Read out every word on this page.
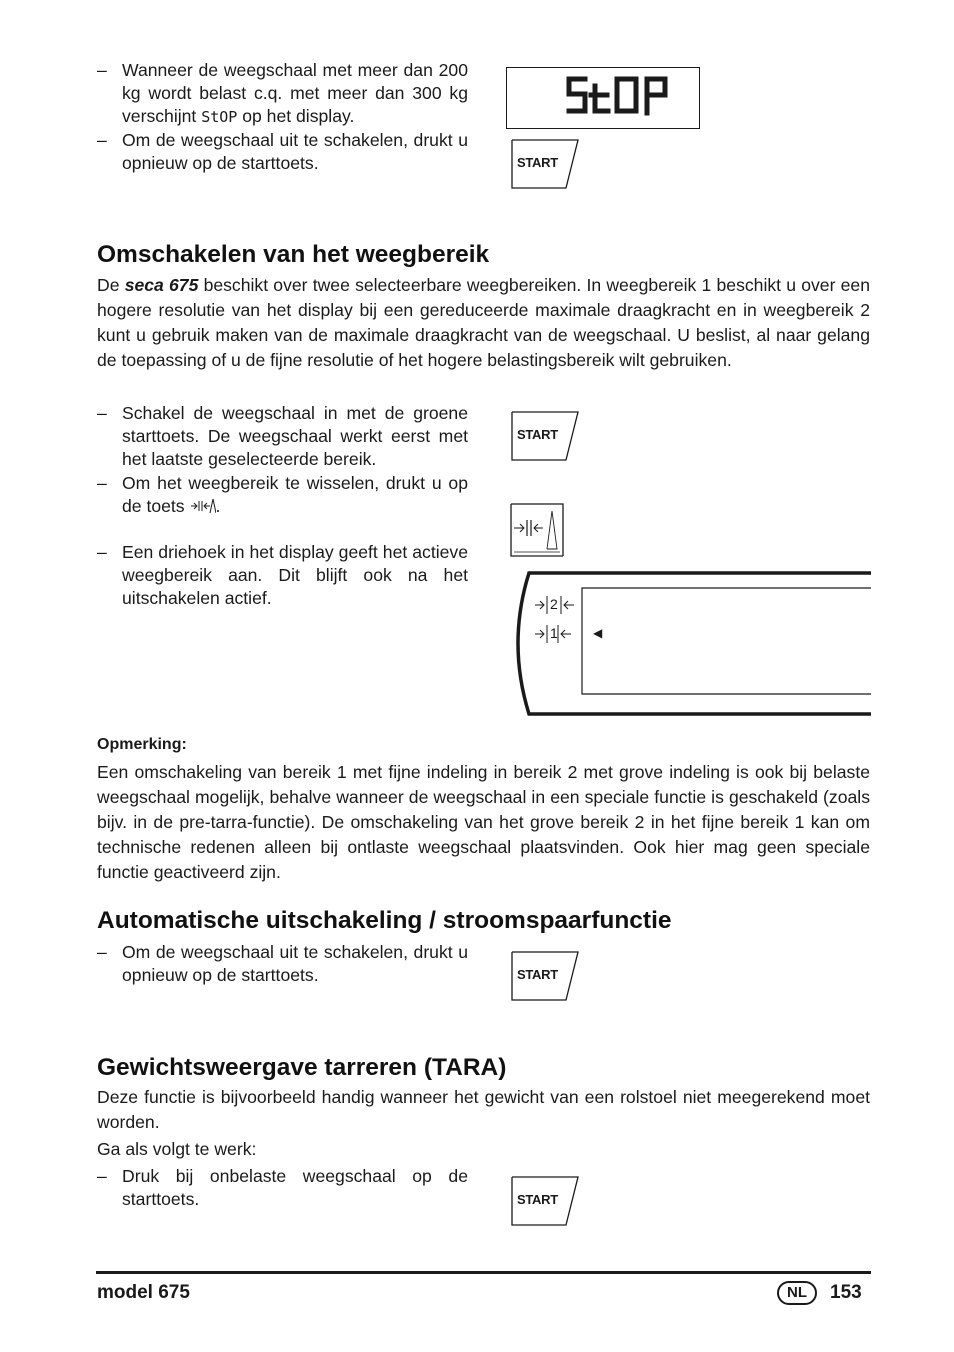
– Wanneer de weegschaal met meer dan 200 kg wordt belast c.q. met meer dan 300 kg verschijnt StOP op het display.
– Om de weegschaal uit te schakelen, drukt u opnieuw op de starttoets.	START
Omschakelen van het weegbereik
De seca 675 beschikt over twee selecteerbare weegbereiken. In weegbereik 1 beschikt u over een hogere resolutie van het display bij een gereduceerde maximale draagkracht en in weegbereik 2 kunt u gebruik maken van de maximale draagkracht van de weegschaal. U beslist, al naar gelang de toepassing of u de fijne resolutie of het hogere belastingsbereik wilt gebruiken.
– Schakel de weegschaal in met de groene starttoets. De weegschaal werkt eerst met het laatste geselecteerde bereik.
– Om het weegbereik te wisselen, drukt u op de toets .
– Een driehoek in het display geeft het actieve weegbereik aan. Dit blijft ook na het uitschakelen actief.
START
2
1	◀
Opmerking:
Een omschakeling van bereik 1 met fijne indeling in bereik 2 met grove indeling is ook bij belaste weegschaal mogelijk, behalve wanneer de weegschaal in een speciale functie is geschakeld (zoals bijv. in de pre-tarra-functie). De omschakeling van het grove bereik 2 in het fijne bereik 1 kan om technische redenen alleen bij ontlaste weegschaal plaatsvinden. Ook hier mag geen speciale functie geactiveerd zijn.
Automatische uitschakeling / stroomspaarfunctie
– Om de weegschaal uit te schakelen, drukt u opnieuw op de starttoets.	START
Gewichtsweergave tarreren (TARA)
Deze functie is bijvoorbeeld handig wanneer het gewicht van een rolstoel niet meegerekend moet worden.
Ga als volgt te werk:
– Druk bij onbelaste weegschaal op de starttoets.	START
model 675	NL	153
